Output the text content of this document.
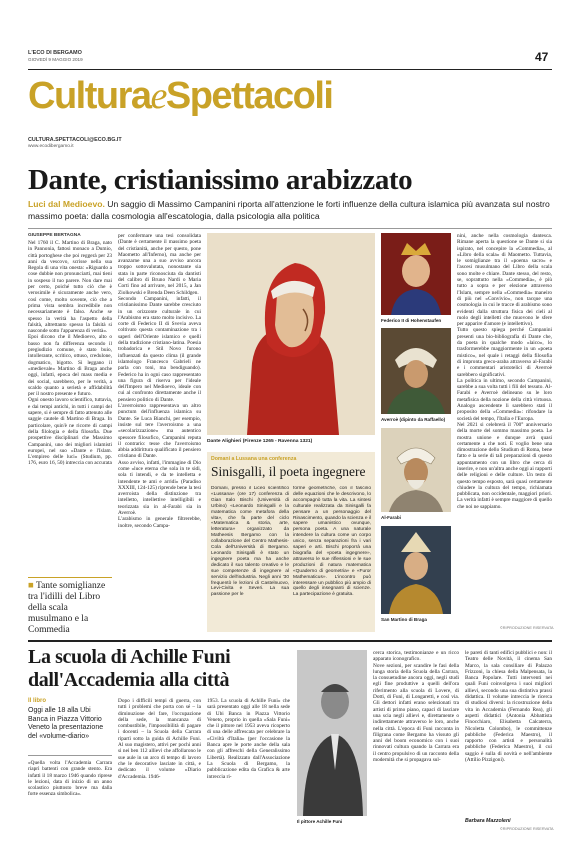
L'ECO DI BERGAMO
GIOVEDÌ 9 MAGGIO 2019	47
CulturaeSpettacoli
CULTURA.SPETTACOLI@ECO.BG.IT
www.ecodibergamo.it
Dante, cristianissimo arabizzato
Luci dal Medioevo. Un saggio di Massimo Campanini riporta all'attenzione le forti influenze della cultura islamica più avanzata sul nostro massimo poeta: dalla cosmologia all'escatologia, dalla psicologia alla politica
GIUSEPPE BERTAGNA
Nel 1760 il C. Martino di Braga, nato in Pannonia, fattosi monaco a Dumio, città portoghese che poi reggerà per 23 anni da vescovo, scrisse nella sua Regola di una vita onesta: «Riguardo a cose dubbie non pronunciarti, mai tieni in sospeso il tuo parere. Non dare mai per certo, poiché tutto ciò che è verosimile è sicuramente anche vero, così come, molto sovente, ciò che a prima vista sembra incredibile non necessariamente è falso. Anche se spesso la verità ha l'aspetto della falsità, altrettanto spesso la falsità si nasconde sotto l'apparenza di verità».
Epoi dicono che il Medioevo, alto o basso non fa differenza secondo il pregiudizio comune, è stato buio, intollerante, scritico, ottuso, credulone, dogmatico, bigotto. Si leggano il «medievale» Martino di Braga anche oggi, infatti, epoca del mass media e dei social, sarebbero, per le verità, a scaldo quanto a serietà e affidabilità per il nostro presente e futuro.
Ogni onesto lavoro scientifico, tuttavia, e dai tempi antichi, in tutti i campi del sapere, si è sempre di fatto attenuto alle saggie cautele di Martino di Braga. In particolare, quin'è ne ricorre di campi della filologia e della filosofia. Due prospettive disciplinari che Massimo Campanini, uno dei migliori islamisti europei, nel suo «Dante e l'Islam. L'empireo delle luci» (Studium, pp. 176, euro 16, 50) intreccia con accurata
■ Tante somiglianze tra l'idilli del Libro della scala musulmano e la Commedia
per confermare una tesi consolidata (Dante è certamente il massimo poeta del cristianità, anche per questo, pone Maometto all'Inferno), ma anche per avanzarne una a suo avviso ancora troppo sottovalutata, nonostante sia stata in parte riconosciuta da dantisti del calibro di Bruno Nardi o Maria Corti fino ad arrivare, nel 2015, a Jan Ziolkowski e Brenda Deen Schildgen.
Secondo Campanini, infatti, il cristianissimo Dante sarebbe cresciuto in un orizzonte culturale in cui l'Arabismo era stato molto incisivo. La corte di Federico II di Svevia aveva coltivato questa contaminazione tra i saperi dell'Oriente islamico e quelli della tradizione cristiano-latina. Poesia trobadorica e Stil Novo furono influenzati da questo clima (il grande islamologo Francesco Gabrieli ne parla con toni, ma bendiguando). Federico ha in ogni caso rappresentato una figura di riserva per l'ideale dell'Impero nel Medioevo, ideale con cui al confronto direttamente anche il pensiero politico di Dante.
L'averroismo rappresentava un altro punctum dell'influenza islamica su Dante. Se Luca Bianchi, per esempio, insiste sul tere l'averroismo a una «secolarizzazione» ma autentico spessore filosofico, Campanini reputa il contrario: tesse che l'averroismo abbia addirittura qualificato il pensiero cristiano di Dante.
Asso avviso, infatti, l'immagine di Dio come «luce eterna che sola in te sidi, sola ti intendi, e da te intelletta e intendente te ami e arridi» (Paradiso XXXIII, 124-125) riprende bene la tesi averroista della distinzione tra intelletto, intellettive intelligibili e teorizzata sia in al-Farabi sia in Averroè.
L'arabismo in generale filtrerebbe, inoltre, secondo Campa-
Dante Alighieri (Firenze 1265 - Ravenna 1321)
Domani a Lussana una conferenza
Sinisgalli, il poeta ingegnere
Domani, presso il Liceo scientifico «Lussana» (ore 17) conferenza di Gian Italo Bischi (Università di Urbino) «Leonardo Sinisgalli e la matematica come metafora della vita», che fa parte del ciclo «Matematica & storia, arte, letteratura» organizzato da Matheesis Bergamo con la collaborazione del Centro Mathesis-Cola dell'Università di Bergamo. Leonardo Sinisgalli è stato un ingegnere poeta ma ha anche dedicato il suo talento creativo e le sue competenze di ingegnere al servizio dell'industria. Negli anni '30 frequentò le lezioni di Castelnuovo, Levi-Civita e Severi. La sua passione per le
forme geometriche, con il fascino delle equazioni che le descrivono, lo accompagnò tutta la vita. La sintesi culturale realizzata da Sinisgalli fa pensare a un personaggio del Rinascimento, quando la scienza e il sapere umanistico ovunque, persona poeta. A una naturale intendere la cultura come un corpo unico, senza separazioni fra i vari saperi e arti. Bischi proporrà una biografia del «poeta ingegnere», attraverso le sue riflessioni e le sue produzioni di natura matematica «Quaderno di geometria» e «Furor Mathematicus». L'incontro può interessare un pubblico più ampio di quello degli insegnanti di scienze. La partecipazione è gratuita.
Federico II di Hohenstaufen
Averroè (dipinto da Raffaello)
Al-Farabi
San Martino di Braga
nini, anche nella cosmologia dantesca. Rimane aperta la questione se Dante si sia ispirato, nel concepire la «Commedia», al «Libro della scala» di Maometto. Tuttavia, le somiglianze tra il «poema sacro» e l'ascesi musulmano del Libro della scala sono molte e chiare. Dante stesso, del resto, se, soprattutto nella «Commedia», è più tutto a sopra e per elezione attraverso l'Islam, sempre nella «Commedia» maneiro di più nel «Convivio», non tacque una cosmologia in cui le tracce di arabismo sono evidenti dalla struttura fisica dei cieli al ruolo degli intelletti che muovono le sfere per apparire d'amore (e intellettivo).
Tutto questo spiega perché Campanini presenti una bio-bibliografia di Dante che, da poeta in qualche modo «laico», lo trasformerebbe maggiormente in un «poeta mistico», nel quale i retaggi della filosofia di impronta greco-araba attraverso al-Farabi e i commentari aristotelici di Averroè sarebbero significativi.
La politica in ultimo, secondo Campanini, sarebbe a sua volta tutti i fili del tessuto. Al-Farabi e Averroè delineano su le loro metafisica della nozione della città virtuosa. Analogo ascendente li sarebbero stati il proposito della «Commedia»: rifondare la società del tempo, l'Italia e l'Europa.
Nel 2021 si celebrerà il 700° anniversario della morte del sommo massimo poeta. Le mostra unione e dunque avrà quasi certamente a che noti. E voglio bene una dimostrazione dello Studium di Roma, bene fatto e la serie di tali preparazioni di questo appuntamento con un libro che cerca di inserire, e non un'altra anche oggi ai rapporti delle religioni e delle culture. Un testo di questo tempo esposto, sarà quasi certamente chiudere la cultura del tempo, richiamata pubblicata, non occidentale, maggiori priori. La verità infatti è sempre maggiore di quello che noi ne sappiamo.
©RIPRODUZIONE RISERVATA
La scuola di Achille Funi
dall'Accademia alla città
Il libro
Oggi alle 18 alla Ubi Banca in Piazza Vittorio Veneto la presentazione del «volume-diario»
«Quella volta l'Accademia Carrara riaprì battenti con grande stento. Era infatti il 18 marzo 1946 quando riprese le lezioni, data di inizio di un anno scolastico piuttosto breve ma dalla forte essenza simbolica».
Dopo i difficili tempi di guerra, con tutti i problemi che porta con sé – la diminuzione del fare, l'occupazione della sede, la mancanza di combustibile, l'impossibilità di pagare i docenti – la Scuola della Carrara ripartì sotto la guida di Achille Funi. Al suo magistero, attivi per pochi anni si nei ben 112 allievi che affollarono le sue aule in un arco di tempo di lavoro che le decorative lasciate in città, e dedicato il volume «Diario d'Accademia. 1946-
1953. La scuola di Achille Funi» che sarà presentato oggi alle 18 nella sede di Ubi Banca in Piazza Vittorio Veneto, proprio in quella «Sala Funi» che il pittore nel 1953 aveva ricoperto di una delle affrescata per celebrare la «Civiltà d'Italia» (per l'occasione la Banca apre le porte anche della sala con gli affreschi della Generalissimo Libertà). Realizzato dall'Associazione La Scuola di Bergamo, la pubblicazione edita da Grafica & arte intreccia ri-
Il pittore Achille Funi
cerca storica, testimonianze e un ricco apparato iconografico.
Nove sezioni, per scandire le fasi della lunga storia della Scuola della Carrara, la consuetudine ancora oggi, negli studi egli fine produttive a quelli dell'ora riferimento alla scuola di Lovere, di Dotti, di Funi, di Longaretti, e così via. Gli dettori infatti erano selezionati tra artisti di primo piano, capaci di lasciare una scia negli allievi e, direttamente o indirettamente attraverso le loro, anche nella città. L'epoca di Funi racconta in filigrana come Bergamo ha vissuto gli anni del boom economico con i suoi rinnovati cultura quando la Carrara era il centro propulsivo di un racconto della modernità che si propagava sul-
le pareti di tanti edifici pubblici e non: il Teatro delle Novità, il cinema San Marco, la sala consiliare di Palazzo Frizzoni, la chiesa della Malpensata, la Banca Popolare. Tutti interventi nei quali Funi coinvolgeva i suoi migliori allievi, secondo una sua distintiva prassi didattica. Il volume intreccia le ricerca di studiosi diversi: la ricostruzione della vita in Accademia (Fernando Rea), gli aspetti didattici (Antonia Abbattista Finocchiaro, Elisabetta Calcaterra, Nicoletta Colombo), le committenze pubbliche (Federica Maestro), il rapporto con artisti e personalità pubbliche (Federica Maestro), il cui saggio è sulla di novità e nell'ambiente (Attilio Pizzigoni).
Barbara Mazzoleni
©RIPRODUZIONE RISERVATA
